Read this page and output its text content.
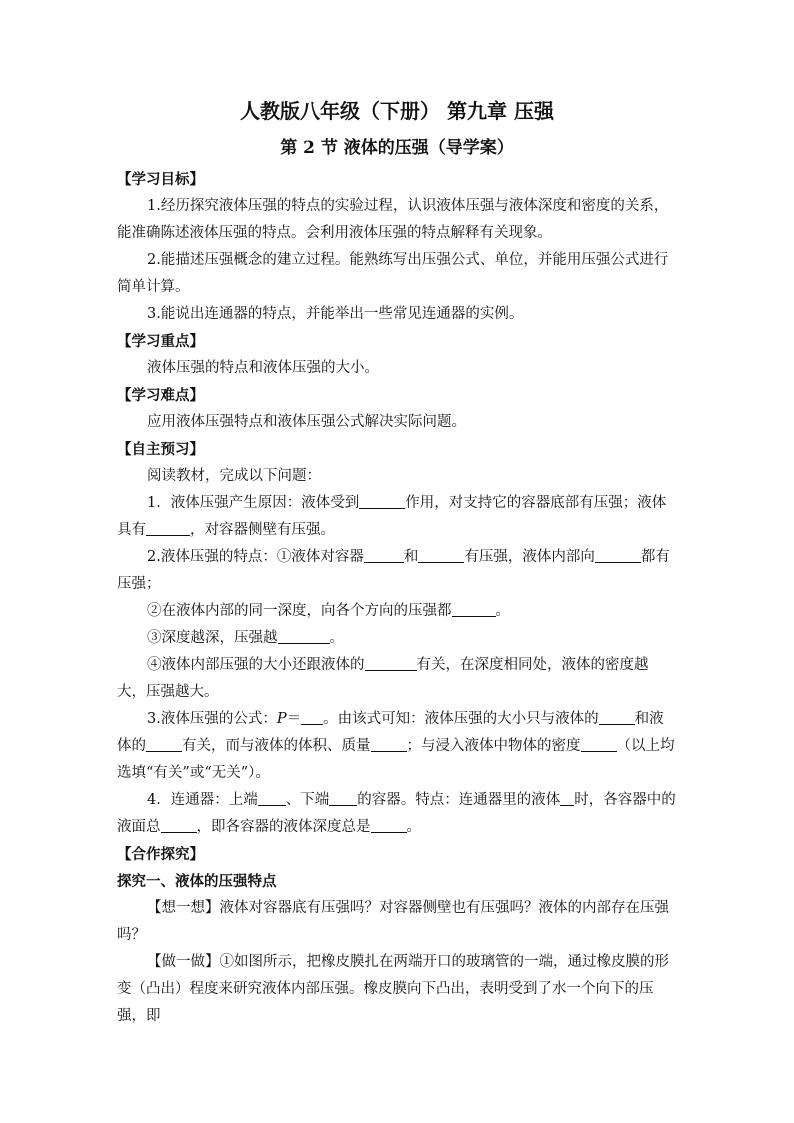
人教版八年级（下册） 第九章 压强

第 2 节 液体的压强（导学案）

【学习目标】

1.经历探究液体压强的特点的实验过程，认识液体压强与液体深度和密度的关系，能准确陈述液体压强的特点。会利用液体压强的特点解释有关现象。

2.能描述压强概念的建立过程。能熟练写出压强公式、单位，并能用压强公式进行简单计算。

3.能说出连通器的特点，并能举出一些常见连通器的实例。

【学习重点】

液体压强的特点和液体压强的大小。

【学习难点】

应用液体压强特点和液体压强公式解决实际问题。

【自主预习】

阅读教材，完成以下问题：

1．液体压强产生原因：液体受到	作用，对支持它的容器底部有压强；液体具有	，对容器侧壁有压强。

2.液体压强的特点：①液体对容器	和	有压强，液体内部向	都有压强；

②在液体内部的同一深度，向各个方向的压强都	。

③深度越深，压强越	。

④液体内部压强的大小还跟液体的	有关，在深度相同处，液体的密度越大，压强越大。

3.液体压强的公式：P＝ 。由该式可知：液体压强的大小只与液体的 和液体的 有关，而与液体的体积、质量 ；与浸入液体中物体的密度 （以上均选填“有关”或“无关”）。

4．连通器：上端 、下端 的容器。特点：连通器里的液体 时，各容器中的液面总 ，即各容器的液体深度总是 。

【合作探究】

探究一、液体的压强特点

【想一想】液体对容器底有压强吗？对容器侧壁也有压强吗？液体的内部存在压强吗？

【做一做】①如图所示，把橡皮膜扎在两端开口的玻璃管的一端，通过橡皮膜的形变（凸出）程度来研究液体内部压强。橡皮膜向下凸出，表明受到了水一个向下的压强，即
